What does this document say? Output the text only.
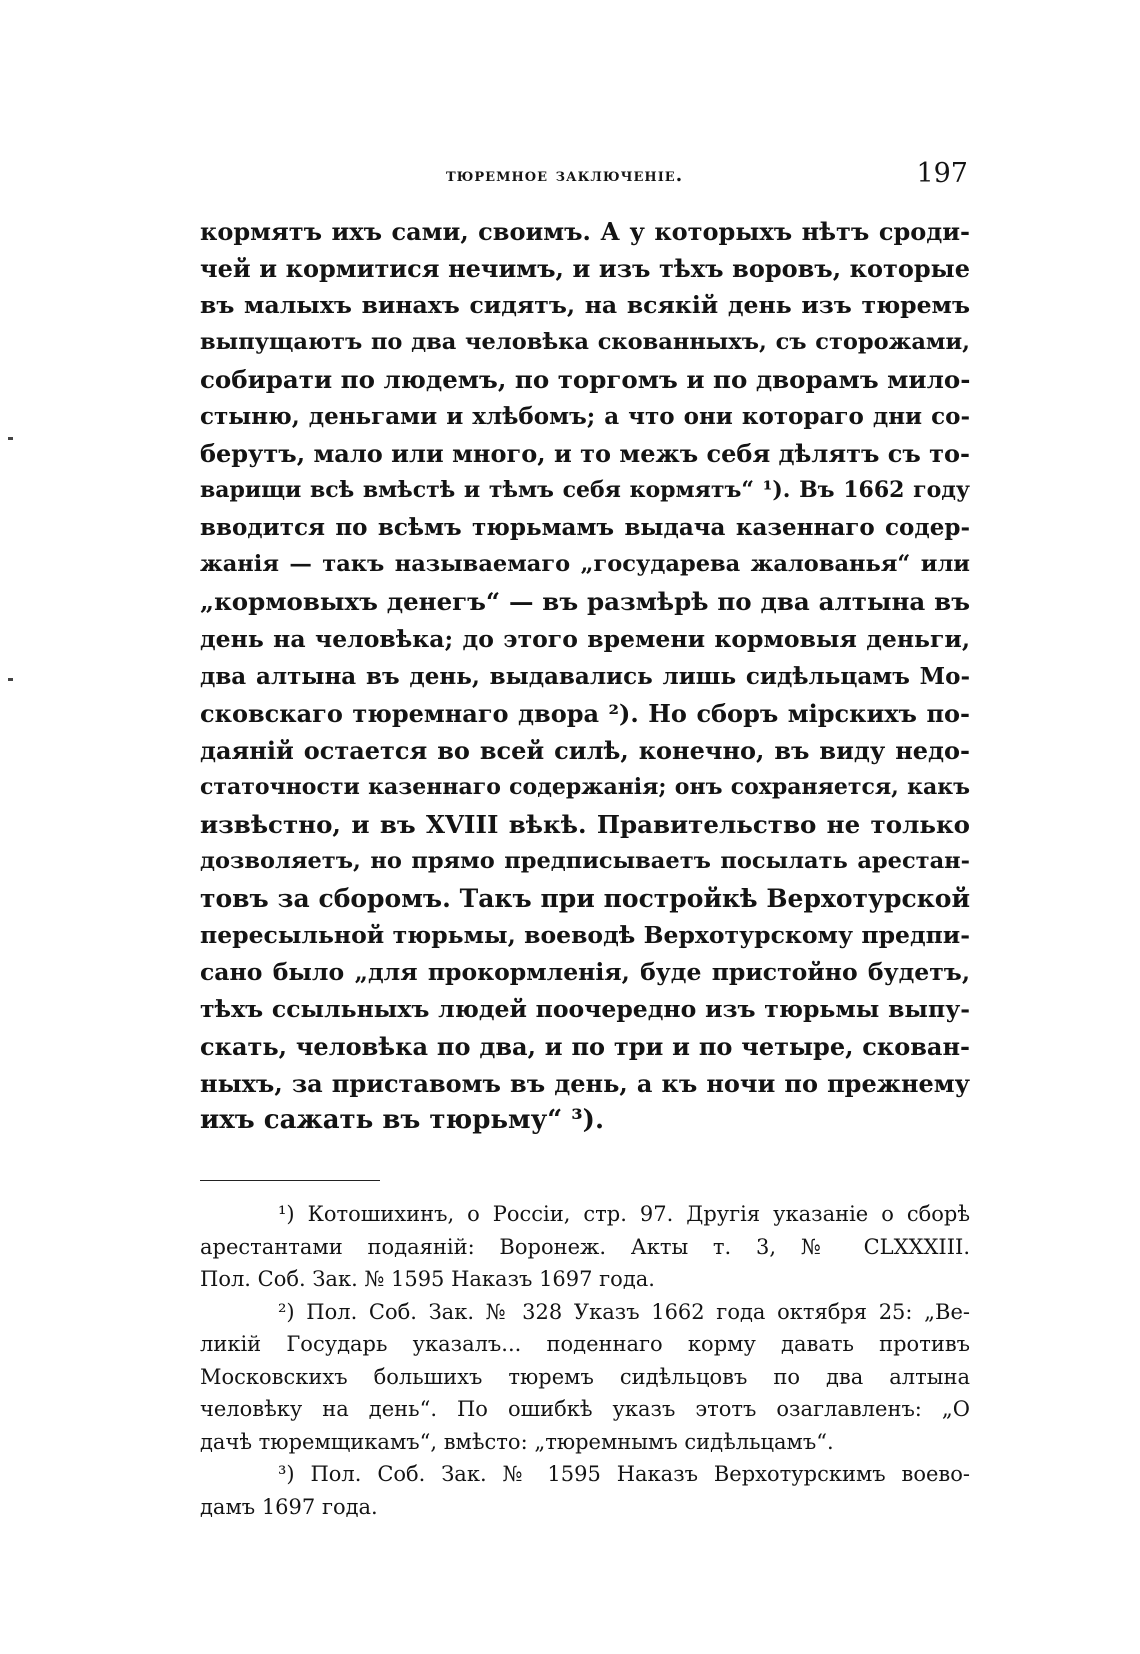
тюремное заключенiе.	197
кормятъ ихъ сами, своимъ. А у которыхъ нѣтъ сроди-
чей и кормитися нечимъ, и изъ тѣхъ воровъ, которые
въ малыхъ винахъ сидятъ, на всякiй день изъ тюремъ
выпущаютъ по два человѣка скованныхъ, съ сторожами,
собирати по людемъ, по торгомъ и по дворамъ мило-
стыню, деньгами и хлѣбомъ; а что они котораго дни со-
берутъ, мало или много, и то межъ себя дѣлятъ съ то-
варищи всѣ вмѣстѣ и тѣмъ себя кормятъ“ ¹). Въ 1662 году
вводится по всѣмъ тюрьмамъ выдача казеннаго содер-
жанiя — такъ называемаго „государева жалованья“ или
„кормовыхъ денегъ“ — въ размѣрѣ по два алтына въ
день на человѣка; до этого времени кормовыя деньги,
два алтына въ день, выдавались лишь сидѣльцамъ Мо-
сковскаго тюремнаго двора ²). Но сборъ мiрскихъ по-
даянiй остается во всей силѣ, конечно, въ виду недо-
статочности казеннаго содержанiя; онъ сохраняется, какъ
извѣстно, и въ XVIII вѣкѣ. Правительство не только
дозволяетъ, но прямо предписываетъ посылать арестан-
товъ за сборомъ. Такъ при постройкѣ Верхотурской
пересыльной тюрьмы, воеводѣ Верхотурскому предпи-
сано было „для прокормленiя, буде пристойно будетъ,
тѣхъ ссыльныхъ людей поочередно изъ тюрьмы выпу-
скать, человѣка по два, и по три и по четыре, скован-
ныхъ, за приставомъ въ день, а къ ночи по прежнему
ихъ сажать въ тюрьму“ ³).
¹) Котошихинъ, о Россiи, стр. 97. Другiя указанiе о сборѣ
арестантами подаянiй: Воронеж. Акты т. 3, № CLXXXIII.
Пол. Соб. Зак. № 1595 Наказъ 1697 года.
²) Пол. Соб. Зак. № 328 Указъ 1662 года октября 25: „Ве-
ликiй Государь указалъ... поденнаго корму давать противъ
Московскихъ большихъ тюремъ сидѣльцовъ по два алтына
человѣку на день“. По ошибкѣ указъ этотъ озаглавленъ: „О
дачѣ тюремщикамъ“, вмѣсто: „тюремнымъ сидѣльцамъ“.
³) Пол. Соб. Зак. № 1595 Наказъ Верхотурскимъ воево-
дамъ 1697 года.
